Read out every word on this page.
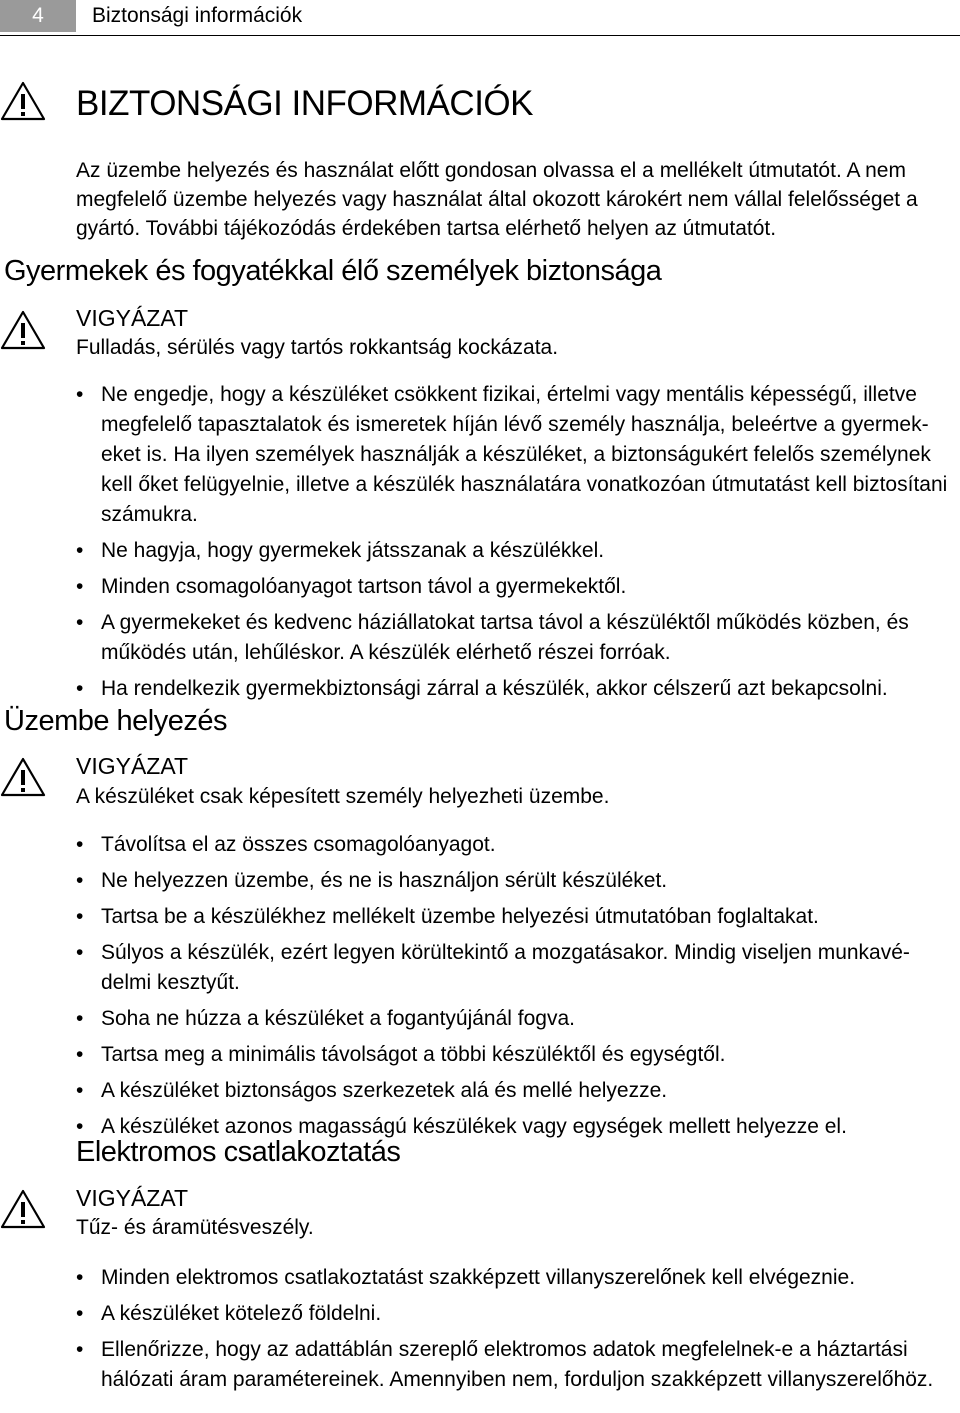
4	Biztonsági információk
BIZTONSÁGI INFORMÁCIÓK
Az üzembe helyezés és használat előtt gondosan olvassa el a mellékelt útmutatót. A nem megfelelő üzembe helyezés vagy használat által okozott károkért nem vállal felelősséget a gyártó. További tájékozódás érdekében tartsa elérhető helyen az útmutatót.
Gyermekek és fogyatékkal élő személyek biztonsága
VIGYÁZAT
Fulladás, sérülés vagy tartós rokkantság kockázata.
• Ne engedje, hogy a készüléket csökkent fizikai, értelmi vagy mentális képességű, illetve megfelelő tapasztalatok és ismeretek híján lévő személy használja, beleértve a gyermekeket is. Ha ilyen személyek használják a készüléket, a biztonságukért felelős személynek kell őket felügyelnie, illetve a készülék használatára vonatkozóan útmutatást kell biztosítani számukra.
• Ne hagyja, hogy gyermekek játsszanak a készülékkel.
• Minden csomagolóanyagot tartson távol a gyermekektől.
• A gyermekeket és kedvenc háziállatokat tartsa távol a készüléktől működés közben, és működés után, lehűléskor. A készülék elérhető részei forróak.
• Ha rendelkezik gyermekbiztonsági zárral a készülék, akkor célszerű azt bekapcsolni.
Üzembe helyezés
VIGYÁZAT
A készüléket csak képesített személy helyezheti üzembe.
• Távolítsa el az összes csomagolóanyagot.
• Ne helyezzen üzembe, és ne is használjon sérült készüléket.
• Tartsa be a készülékhez mellékelt üzembe helyezési útmutatóban foglaltakat.
• Súlyos a készülék, ezért legyen körültekintő a mozgatásakor. Mindig viseljen munkavédelmi kesztyűt.
• Soha ne húzza a készüléket a fogantyújánál fogva.
• Tartsa meg a minimális távolságot a többi készüléktől és egységtől.
• A készüléket biztonságos szerkezetek alá és mellé helyezze.
• A készüléket azonos magasságú készülékek vagy egységek mellett helyezze el.
Elektromos csatlakoztatás
VIGYÁZAT
Tűz- és áramütésveszély.
• Minden elektromos csatlakoztatást szakképzett villanyszerelőnek kell elvégeznie.
• A készüléket kötelező földelni.
• Ellenőrizze, hogy az adattáblán szereplő elektromos adatok megfelelnek-e a háztartási hálózati áram paramétereinek. Amennyiben nem, forduljon szakképzett villanyszerelőhöz.
